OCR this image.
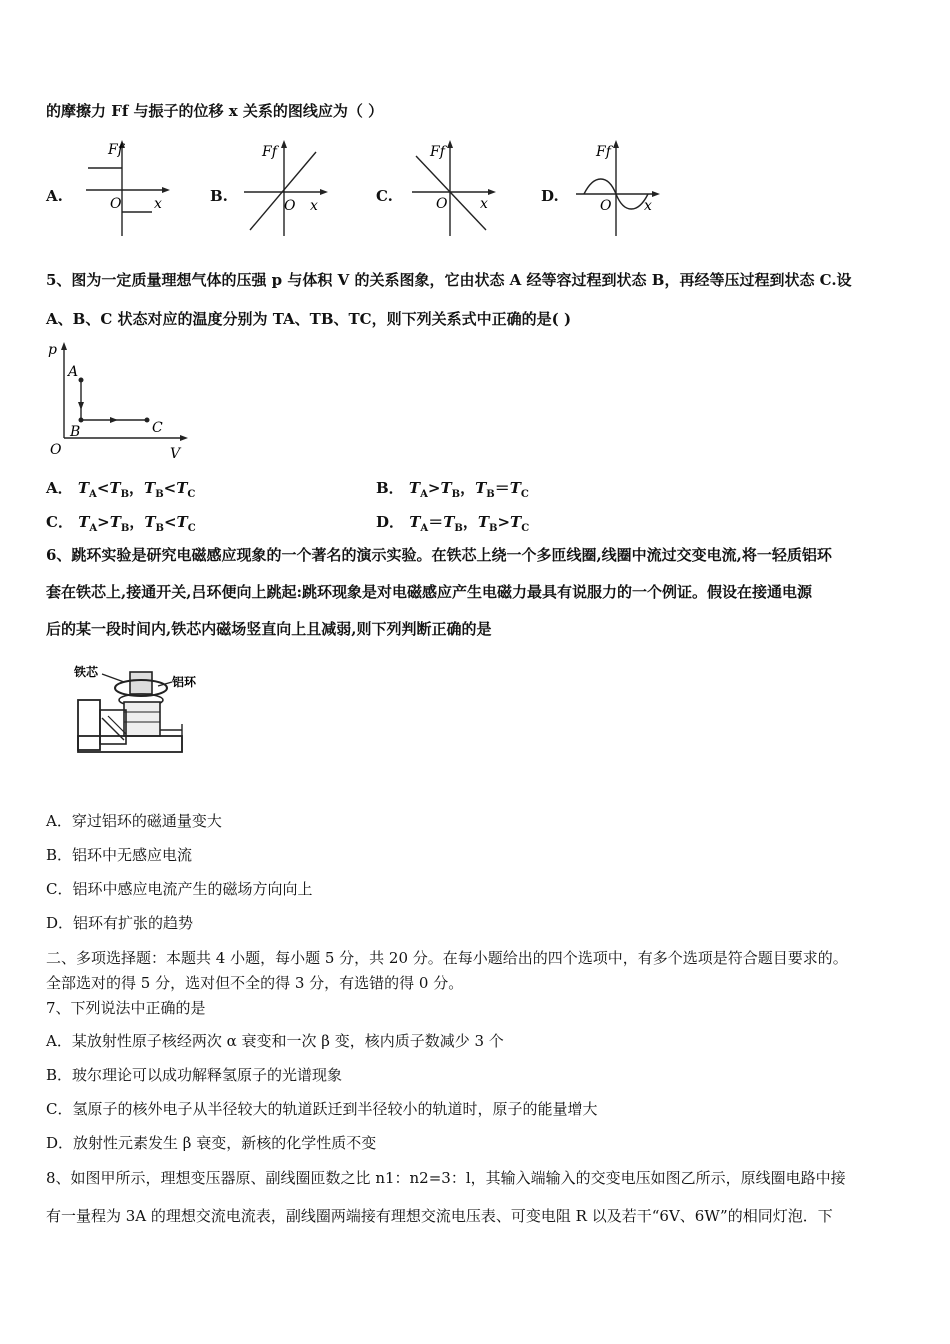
的摩擦力 Ff 与振子的位移 x 关系的图线应为（ ）
A.
Ff
O x	B.
Ff
O x
C.
Ff
O x	D.
Ff
O x
5、图为一定质量理想气体的压强 p 与体积 V 的关系图象，它由状态 A 经等容过程到状态 B，再经等压过程到状态 C.设
A、B、C 状态对应的温度分别为 TA、TB、TC，则下列关系式中正确的是( )
p
A
B	C
O	V
A． $T_A<T_B$，$T_B<T_C$	B． $T_A>T_B$，$T_B=T_C$
C． $T_A>T_B$，$T_B<T_C$	D． $T_A=T_B$，$T_B>T_C$
6、跳环实验是研究电磁感应现象的一个著名的演示实验。在铁芯上绕一个多匝线圈,线圈中流过交变电流,将一轻质铝环
套在铁芯上,接通开关,吕环便向上跳起:跳环现象是对电磁感应产生电磁力最具有说服力的一个例证。假设在接通电源
后的某一段时间内,铁芯内磁场竖直向上且减弱,则下列判断正确的是
铁芯
铝环
A．穿过铝环的磁通量变大
B．铝环中无感应电流
C．铝环中感应电流产生的磁场方向向上
D．铝环有扩张的趋势
二、多项选择题：本题共 4 小题，每小题 5 分，共 20 分。在每小题给出的四个选项中，有多个选项是符合题目要求的。
全部选对的得 5 分，选对但不全的得 3 分，有选错的得 0 分。
7、下列说法中正确的是
A．某放射性原子核经两次 α 衰变和一次 β 变，核内质子数减少 3 个
B．玻尔理论可以成功解释氢原子的光谱现象
C．氢原子的核外电子从半径较大的轨道跃迁到半径较小的轨道时，原子的能量增大
D．放射性元素发生 β 衰变，新核的化学性质不变
8、如图甲所示，理想变压器原、副线圈匝数之比 n1：n2=3：l，其输入端输入的交变电压如图乙所示，原线圈电路中接
有一量程为 3A 的理想交流电流表，副线圈两端接有理想交流电压表、可变电阻 R 以及若干“6V、6W”的相同灯泡．下
